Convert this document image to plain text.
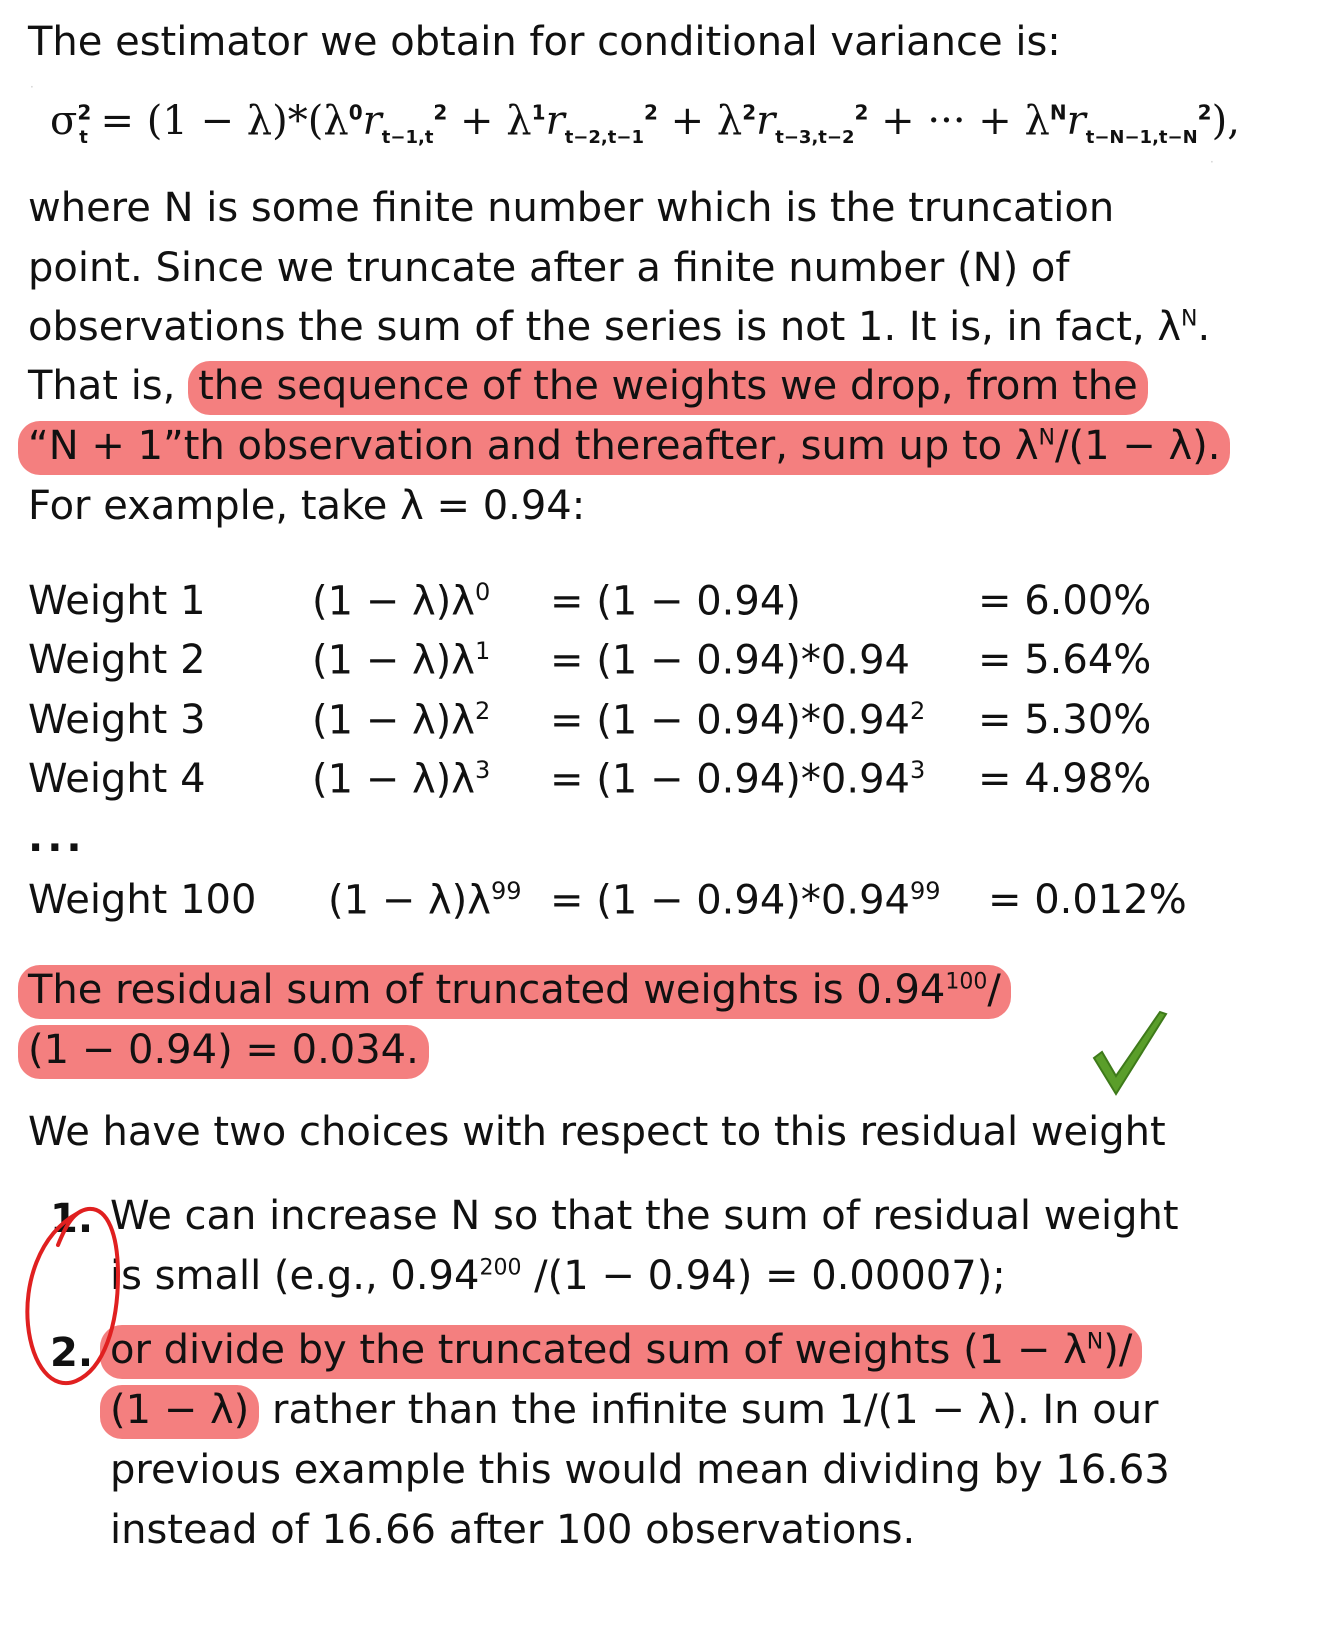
The estimator we obtain for conditional variance is:
$\sigma^2_t = (1 - \lambda)*(\lambda^0r_{t-1,t}^2 + \lambda^1r_{t-2,t-1}^2 + \lambda^2r_{t-3,t-2}^2$ + ··· + $\lambda^Nr_{t-N-1,t-N}^2$),
where N is some finite number which is the truncation
point. Since we truncate after a finite number (N) of
observations the sum of the series is not 1. It is, in fact, $\lambda^N$.
That is, the sequence of the weights we drop, from the
“N + 1”th observation and thereafter, sum up to $\lambda^N/(1 - \lambda)$.
For example, take λ = 0.94:
Weight 1	$(1 - \lambda)\lambda^0 = (1 - 0.94)$	= 6.00%
Weight 2	$(1 - \lambda)\lambda^1 = (1 - 0.94)*0.94 = 5.64\%$
Weight 3	$(1 - \lambda)\lambda^2 = (1 - 0.94)*0.94^2 = 5.30\%$
Weight 4	$(1 - \lambda)\lambda^3 = (1 - 0.94)*0.94^3 = 4.98\%$
...
Weight 100 $(1 - \lambda)\lambda^{99} = (1 - 0.94)*0.94^{99} = 0.012\%$
The residual sum of truncated weights is 0.94$^{100}$/
(1 − 0.94) = 0.034.
We have two choices with respect to this residual weight
1. We can increase N so that the sum of residual weight
is small (e.g., 0.94$^{200}$ /(1 − 0.94) = 0.00007);
2. or divide by the truncated sum of weights $(1 - \lambda^N)/$
(1 − λ) rather than the infinite sum 1/(1 − λ). In our
previous example this would mean dividing by 16.63
instead of 16.66 after 100 observations.
·
·
